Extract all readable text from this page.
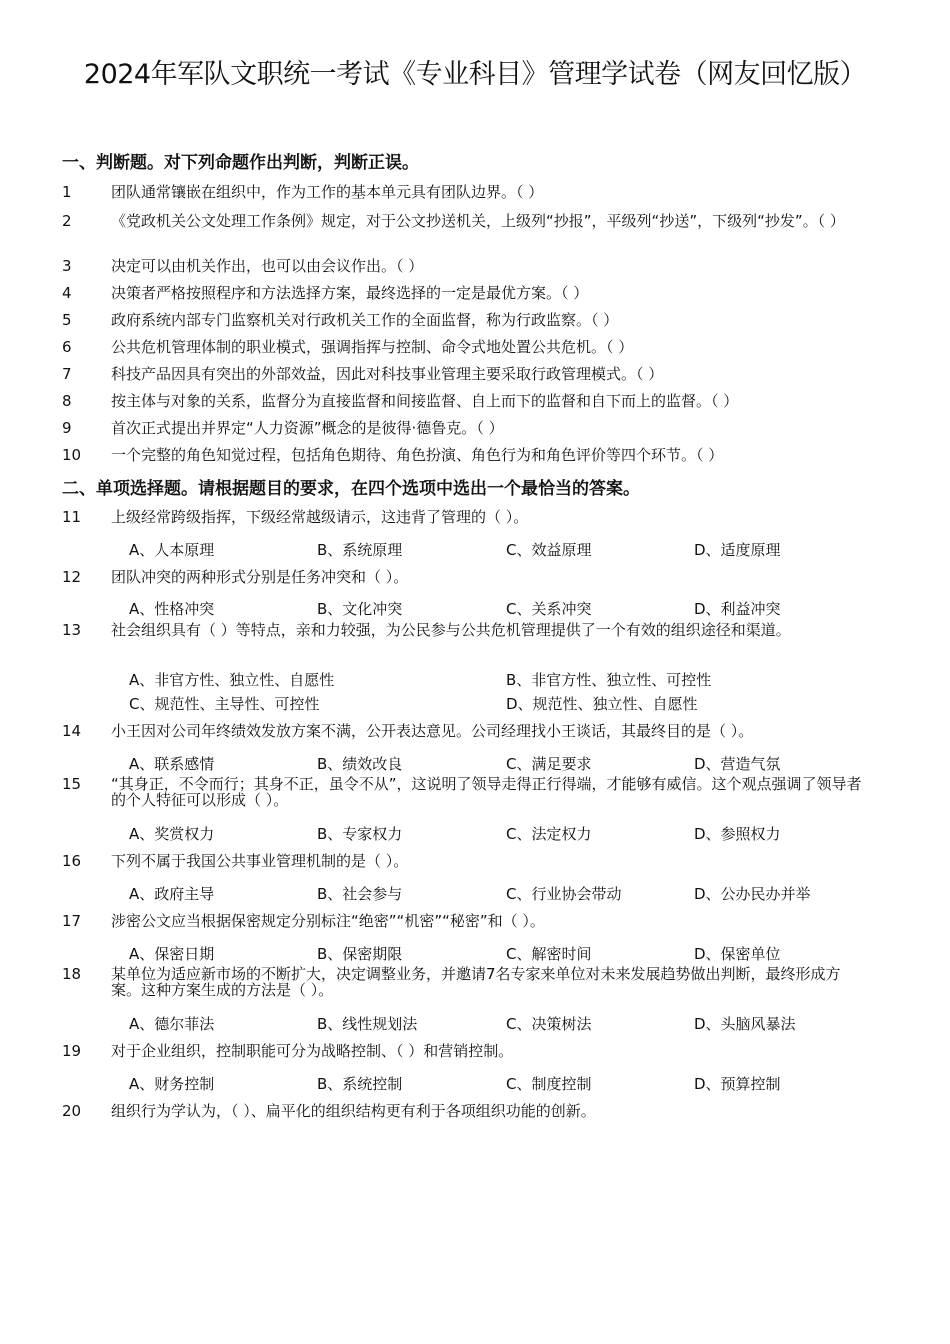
2024年军队文职统一考试《专业科目》管理学试卷（网友回忆版）
一、判断题。对下列命题作出判断，判断正误。
1	团队通常镶嵌在组织中，作为工作的基本单元具有团队边界。（ ）
2	《党政机关公文处理工作条例》规定，对于公文抄送机关，上级列“抄报”，平级列“抄送”，下级列“抄发”。（ ）
3	决定可以由机关作出，也可以由会议作出。（ ）
4	决策者严格按照程序和方法选择方案，最终选择的一定是最优方案。（ ）
5	政府系统内部专门监察机关对行政机关工作的全面监督，称为行政监察。（ ）
6	公共危机管理体制的职业模式，强调指挥与控制、命令式地处置公共危机。（ ）
7	科技产品因具有突出的外部效益，因此对科技事业管理主要采取行政管理模式。（ ）
8	按主体与对象的关系，监督分为直接监督和间接监督、自上而下的监督和自下而上的监督。（ ）
9	首次正式提出并界定“人力资源”概念的是彼得·德鲁克。（ ）
10	一个完整的角色知觉过程，包括角色期待、角色扮演、角色行为和角色评价等四个环节。（ ）
二、单项选择题。请根据题目的要求，在四个选项中选出一个最恰当的答案。
11	上级经常跨级指挥，下级经常越级请示，这违背了管理的（ ）。
A、人本原理	B、系统原理	C、效益原理	D、适度原理
12	团队冲突的两种形式分别是任务冲突和（ ）。
A、性格冲突	B、文化冲突	C、关系冲突	D、利益冲突
13	社会组织具有（ ）等特点，亲和力较强，为公民参与公共危机管理提供了一个有效的组织途径和渠道。
A、非官方性、独立性、自愿性	B、非官方性、独立性、可控性
C、规范性、主导性、可控性	D、规范性、独立性、自愿性
14	小王因对公司年终绩效发放方案不满，公开表达意见。公司经理找小王谈话，其最终目的是（ ）。
A、联系感情	B、绩效改良	C、满足要求	D、营造气氛
15	“其身正，不令而行；其身不正，虽令不从”，这说明了领导走得正行得端，才能够有威信。这个观点强调了领导者的个人特征可以形成（ ）。
A、奖赏权力	B、专家权力	C、法定权力	D、参照权力
16	下列不属于我国公共事业管理机制的是（ ）。
A、政府主导	B、社会参与	C、行业协会带动	D、公办民办并举
17	涉密公文应当根据保密规定分别标注“绝密”“机密”“秘密”和（ ）。
A、保密日期	B、保密期限	C、解密时间	D、保密单位
18	某单位为适应新市场的不断扩大，决定调整业务，并邀请7名专家来单位对未来发展趋势做出判断，最终形成方案。这种方案生成的方法是（ ）。
A、德尔菲法	B、线性规划法	C、决策树法	D、头脑风暴法
19	对于企业组织，控制职能可分为战略控制、（ ）和营销控制。
A、财务控制	B、系统控制	C、制度控制	D、预算控制
20	组织行为学认为，（ ）、扁平化的组织结构更有利于各项组织功能的创新。
